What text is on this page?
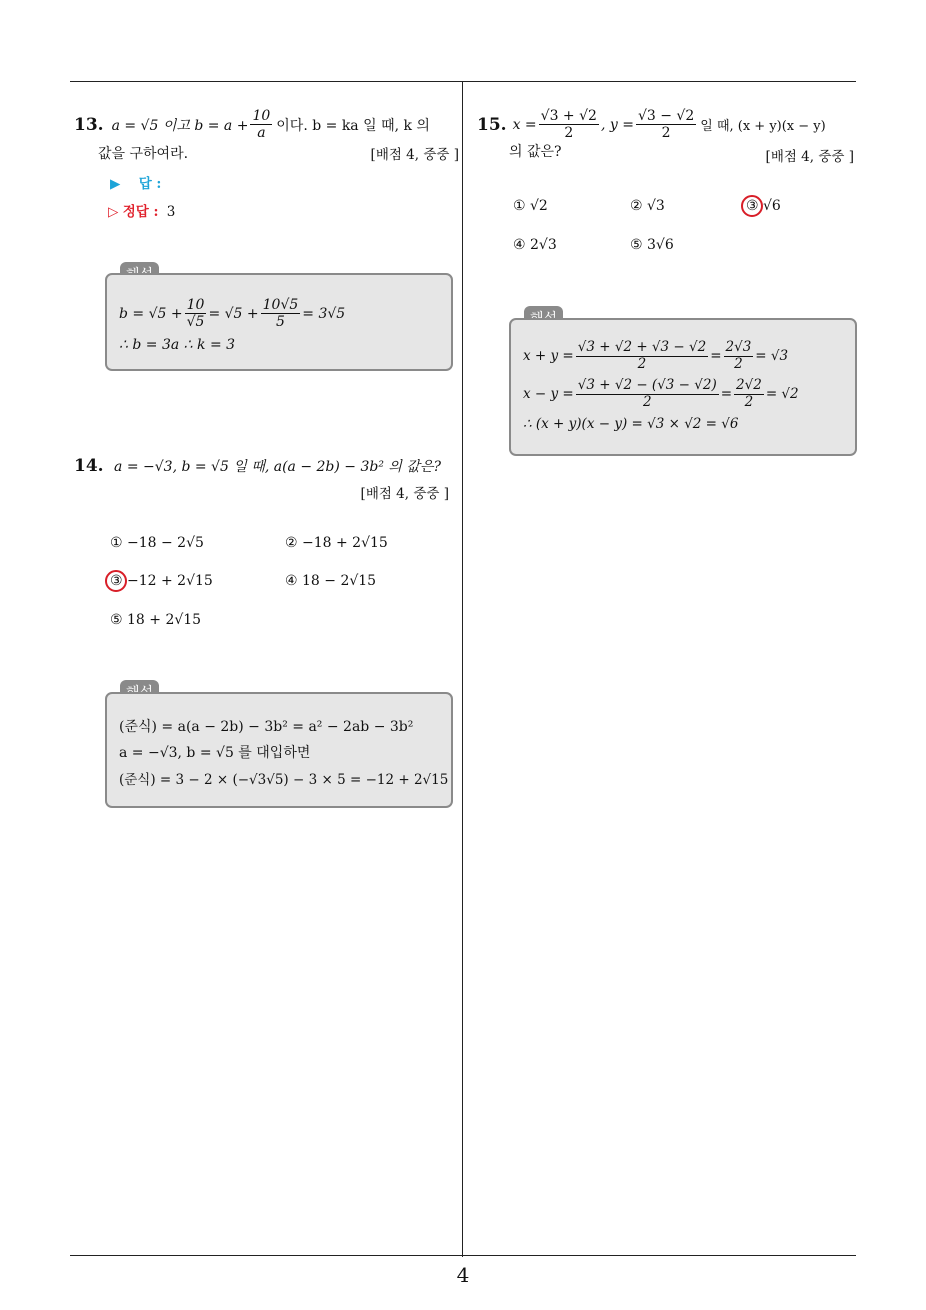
13. a = √5 이고 $b = a + \frac{10}{a}$ 이다. b = ka 일 때, k 의
값을 구하여라.	[배점 4, 중중 ]
▶ 답 :
▷ 정답 : 3
$b = √5 + \frac{10}{√5} = √5 + \frac{10√5}{5} = 3√5$
∴ b = 3a ∴ k = 3
14. a = −√3, b = √5 일 때, a(a − 2b) − 3b² 의 값은?
[배점 4, 중중 ]
① −18 − 2√5	② −18 + 2√15
③ −12 + 2√15	④ 18 − 2√15
⑤ 18 + 2√15
(준식) = a(a − 2b) − 3b² = a² − 2ab − 3b²
a = −√3, b = √5 를 대입하면
(준식) = 3 − 2 × (−√3√5) − 3 × 5 = −12 + 2√15
15. $x = \frac{√3 + √2}{2}$ , $y = \frac{√3 - √2}{2}$ 일 때, (x + y)(x − y)
의 값은?	[배점 4, 중중 ]
① √2	② √3	③ √6
④ 2√3	⑤ 3√6
$x + y = \frac{√3 + √2 + √3 - √2}{2} = \frac{2√3}{2} = √3$
$x - y = \frac{√3 + √2 - (√3 - √2)}{2} = \frac{2√2}{2} = √2$
∴ (x + y)(x − y) = √3 × √2 = √6
4
